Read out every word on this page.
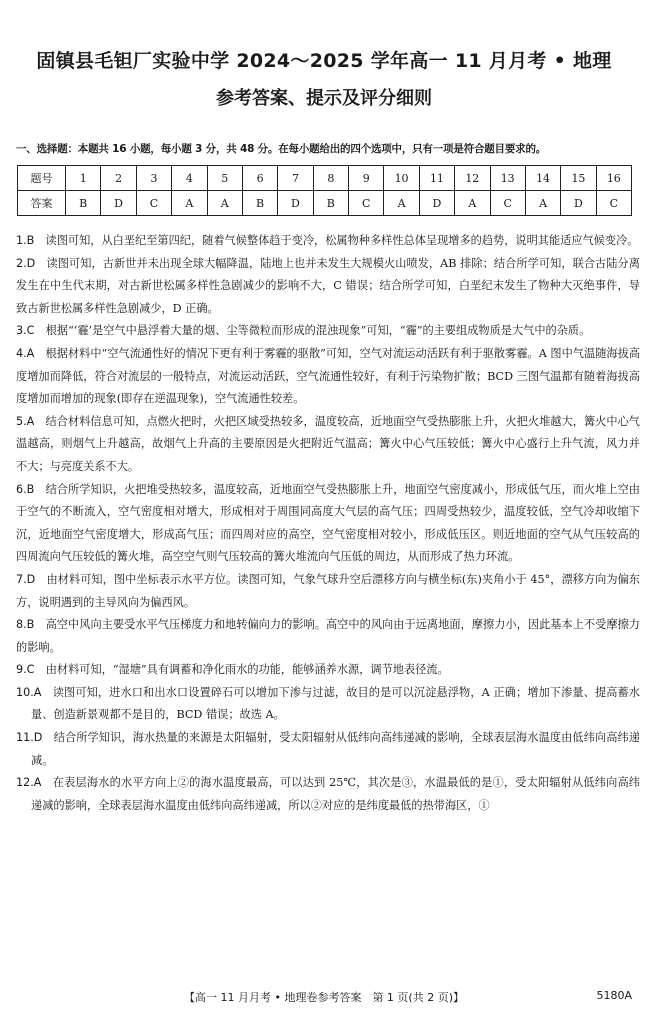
固镇县毛钽厂实验中学 2024～2025 学年高一 11 月月考 • 地理
参考答案、提示及评分细则
一、选择题：本题共 16 小题，每小题 3 分，共 48 分。在每小题给出的四个选项中，只有一项是符合题目要求的。
题号	1	2	3	4	5	6	7	8	9	10	11	12	13	14	15	16
答案	B	D	C	A	A	B	D	B	C	A	D	A	C	A	D	C

1.B  读图可知，从白垩纪至第四纪，随着气候整体趋于变冷，松属物种多样性总体呈现增多的趋势，说明其能适应气候变冷。

2.D  读图可知，古新世并未出现全球大幅降温，陆地上也并未发生大规模火山喷发，AB 排除；结合所学可知，联合古陆分离发生在中生代末期，对古新世松属多样性急剧减少的影响不大，C 错误；结合所学可知，白垩纪末发生了物种大灭绝事件，导致古新世松属多样性急剧减少，D 正确。

3.C  根据“‘霾’是空气中悬浮着大量的烟、尘等微粒而形成的混浊现象”可知，“霾”的主要组成物质是大气中的杂质。

4.A  根据材料中“空气流通性好的情况下更有利于雾霾的驱散”可知，空气对流运动活跃有利于驱散雾霾。A 图中气温随海拔高度增加而降低，符合对流层的一般特点，对流运动活跃，空气流通性较好，有利于污染物扩散；BCD 三图气温都有随着海拔高度增加而增加的现象(即存在逆温现象)，空气流通性较差。

5.A  结合材料信息可知，点燃火把时，火把区域受热较多，温度较高，近地面空气受热膨胀上升，火把火堆越大，篝火中心气温越高，则烟气上升越高，故烟气上升高的主要原因是火把附近气温高；篝火中心气压较低；篝火中心盛行上升气流，风力并不大；与亮度关系不大。

6.B  结合所学知识，火把堆受热较多，温度较高，近地面空气受热膨胀上升，地面空气密度减小，形成低气压，而火堆上空由于空气的不断流入，空气密度相对增大，形成相对于周围同高度大气层的高气压；四周受热较少，温度较低，空气冷却收缩下沉，近地面空气密度增大，形成高气压；而四周对应的高空，空气密度相对较小，形成低压区。则近地面的空气从气压较高的四周流向气压较低的篝火堆，高空空气则气压较高的篝火堆流向气压低的周边，从而形成了热力环流。

7.D  由材料可知，图中坐标表示水平方位。读图可知，气象气球升空后漂移方向与横坐标(东)夹角小于 45°，漂移方向为偏东方，说明遇到的主导风向为偏西风。

8.B  高空中风向主要受水平气压梯度力和地转偏向力的影响。高空中的风向由于远离地面，摩擦力小，因此基本上不受摩擦力的影响。

9.C  由材料可知，“湿塘”具有调蓄和净化雨水的功能，能够涵养水源，调节地表径流。

10.A  读图可知，进水口和出水口设置碎石可以增加下渗与过滤，故目的是可以沉淀悬浮物，A 正确；增加下渗量、提高蓄水量、创造新景观都不是目的，BCD 错误；故选 A。

11.D  结合所学知识，海水热量的来源是太阳辐射，受太阳辐射从低纬向高纬递减的影响，全球表层海水温度由低纬向高纬递减。

12.A  在表层海水的水平方向上②的海水温度最高，可以达到 25℃，其次是③，水温最低的是①，受太阳辐射从低纬向高纬递减的影响，全球表层海水温度由低纬向高纬递减，所以②对应的是纬度最低的热带海区，①

【高一 11 月月考 • 地理卷参考答案　第 1 页(共 2 页)】	5180A
